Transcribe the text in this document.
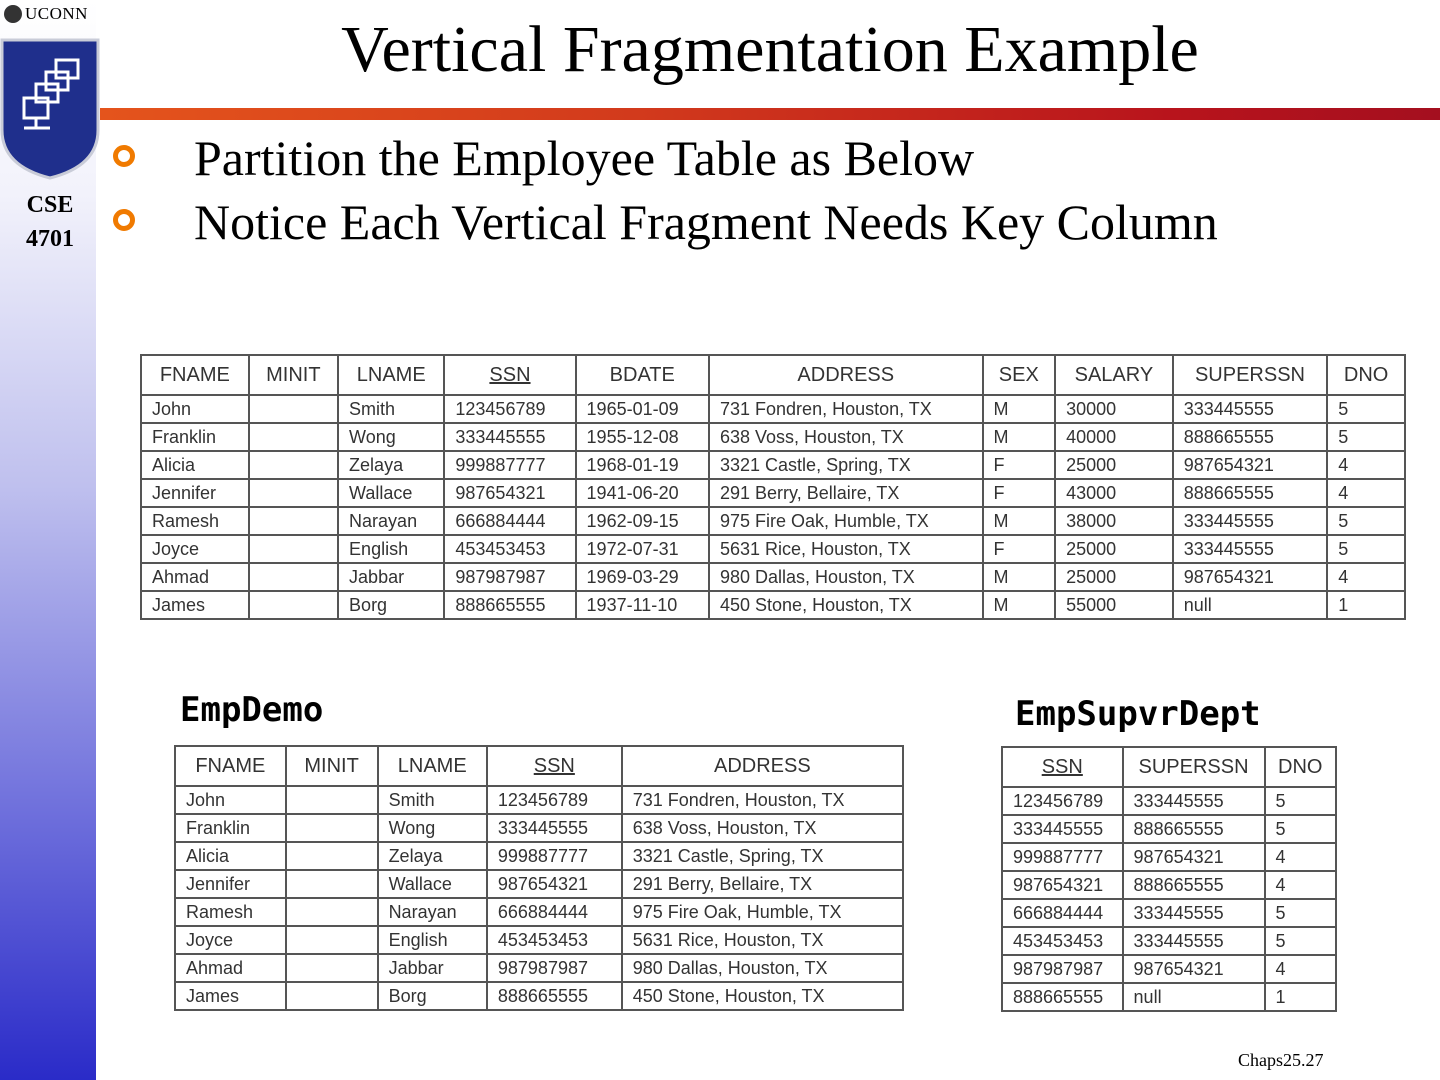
UCONN
CSE
4701
Vertical Fragmentation Example
Partition the Employee Table as Below
Notice Each Vertical Fragment Needs Key Column
FNAME	MINIT	LNAME	SSN	BDATE	ADDRESS	SEX	SALARY	SUPERSSN	DNO
John		Smith	123456789	1965-01-09	731 Fondren, Houston, TX	M	30000	333445555	5
Franklin		Wong	333445555	1955-12-08	638 Voss, Houston, TX	M	40000	888665555	5
Alicia		Zelaya	999887777	1968-01-19	3321 Castle, Spring, TX	F	25000	987654321	4
Jennifer		Wallace	987654321	1941-06-20	291 Berry, Bellaire, TX	F	43000	888665555	4
Ramesh		Narayan	666884444	1962-09-15	975 Fire Oak, Humble, TX	M	38000	333445555	5
Joyce		English	453453453	1972-07-31	5631 Rice, Houston, TX	F	25000	333445555	5
Ahmad		Jabbar	987987987	1969-03-29	980 Dallas, Houston, TX	M	25000	987654321	4
James		Borg	888665555	1937-11-10	450 Stone, Houston, TX	M	55000	null	1
EmpDemo
FNAME	MINIT	LNAME	SSN	ADDRESS
John		Smith	123456789	731 Fondren, Houston, TX
Franklin		Wong	333445555	638 Voss, Houston, TX
Alicia		Zelaya	999887777	3321 Castle, Spring, TX
Jennifer		Wallace	987654321	291 Berry, Bellaire, TX
Ramesh		Narayan	666884444	975 Fire Oak, Humble, TX
Joyce		English	453453453	5631 Rice, Houston, TX
Ahmad		Jabbar	987987987	980 Dallas, Houston, TX
James		Borg	888665555	450 Stone, Houston, TX
EmpSupvrDept
SSN	SUPERSSN	DNO
123456789	333445555	5
333445555	888665555	5
999887777	987654321	4
987654321	888665555	4
666884444	333445555	5
453453453	333445555	5
987987987	987654321	4
888665555	null	1
Chaps25.27
